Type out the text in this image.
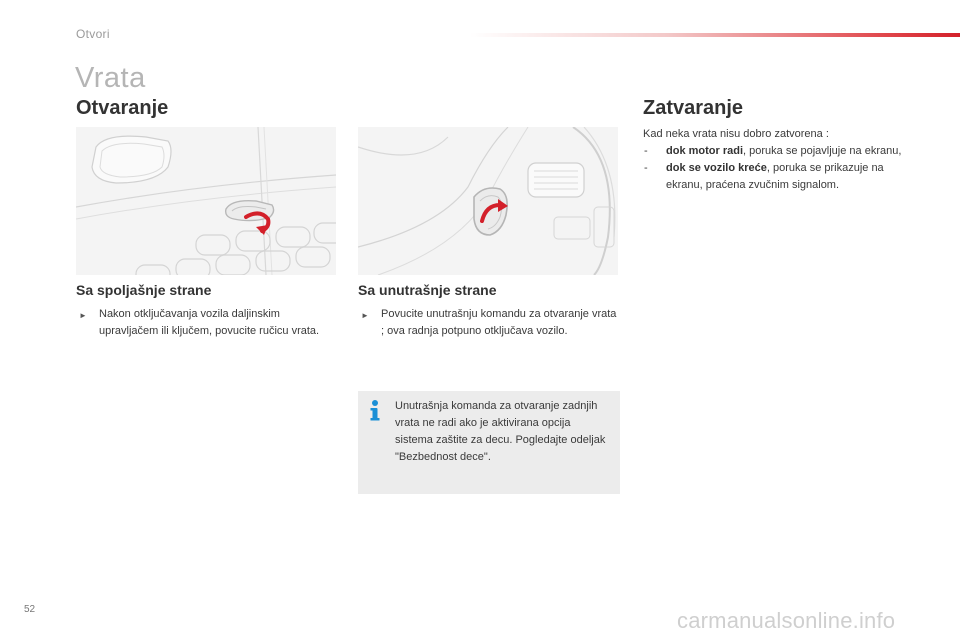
Otvori
Vrata
Otvaranje	Zatvaranje
Sa spoljašnje strane	Sa unutrašnje strane
► Nakon otključavanja vozila daljinskim upravljačem ili ključem, povucite ručicu vrata.
► Povucite unutrašnju komandu za otvaranje vrata ; ova radnja potpuno otključava vozilo.
Kad neka vrata nisu dobro zatvorena :
- dok motor radi, poruka se pojavljuje na ekranu,
- dok se vozilo kreće, poruka se prikazuje na ekranu, praćena zvučnim signalom.
Unutrašnja komanda za otvaranje zadnjih vrata ne radi ako je aktivirana opcija sistema zaštite za decu. Pogledajte odeljak "Bezbednost dece".
52	carmanualsonline.info
